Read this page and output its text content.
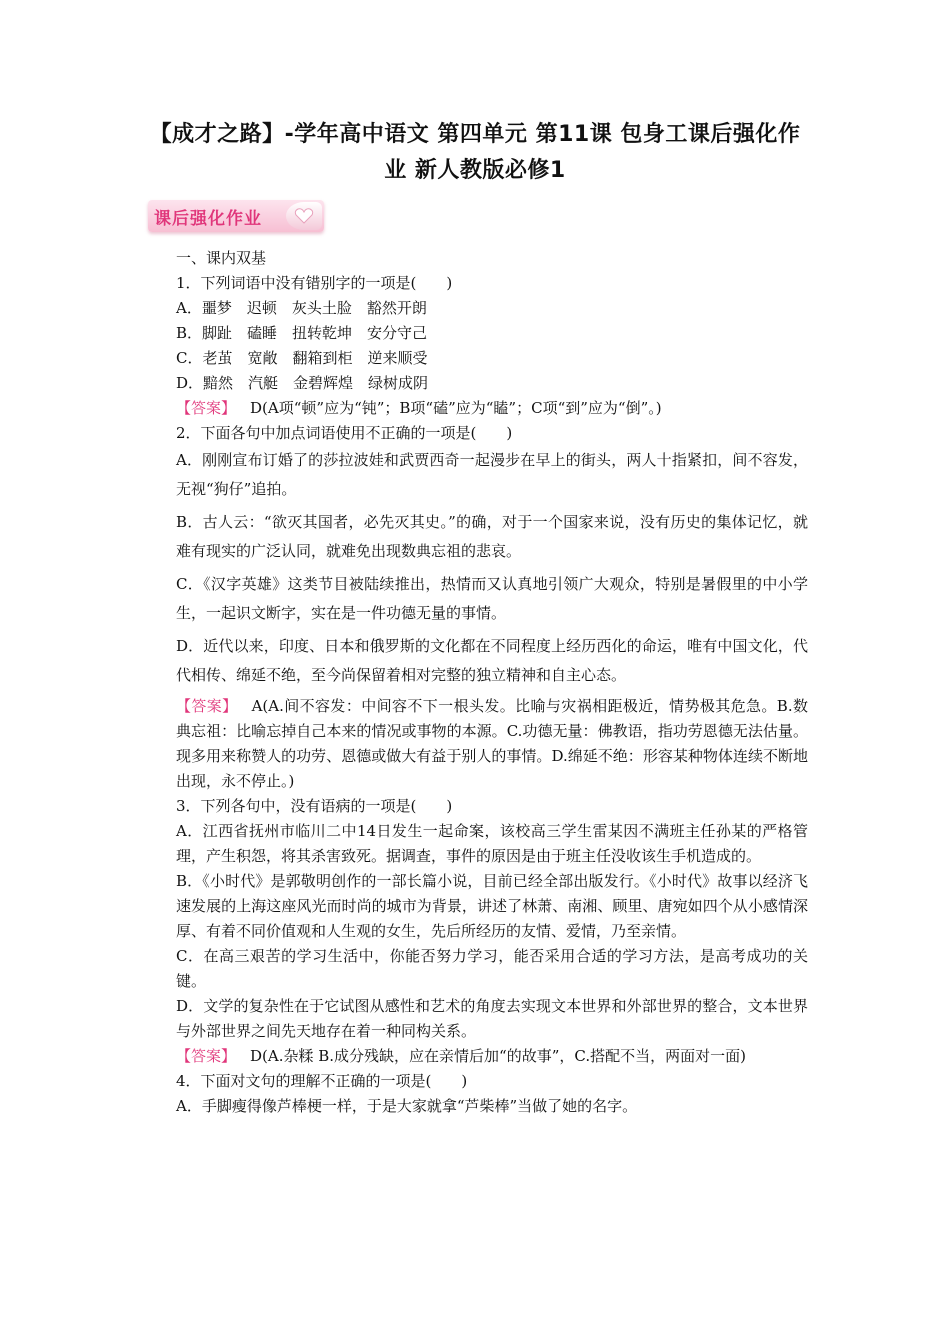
【成才之路】-学年高中语文 第四单元 第11课 包身工课后强化作业 新人教版必修1
课后强化作业

一、课内双基

1．下列词语中没有错别字的一项是(　　)

A．噩梦　迟顿　灰头土脸　豁然开朗

B．脚趾　磕睡　扭转乾坤　安分守己

C．老茧　宽敞　翻箱到柜　逆来顺受

D．黯然　汽艇　金碧辉煌　绿树成阴

【答案】 D(A项“顿”应为“钝”；B项“磕”应为“瞌”；C项“到”应为“倒”。)

2．下面各句中加点词语使用不正确的一项是(　　)

A．刚刚宣布订婚了的莎拉波娃和武贾西奇一起漫步在早上的街头，两人十指紧扣，间不容发，无视“狗仔”追拍。

B．古人云：“欲灭其国者，必先灭其史。”的确，对于一个国家来说，没有历史的集体记忆，就难有现实的广泛认同，就难免出现数典忘祖的悲哀。

C．《汉字英雄》这类节目被陆续推出，热情而又认真地引领广大观众，特别是暑假里的中小学生，一起识文断字，实在是一件功德无量的事情。

D．近代以来，印度、日本和俄罗斯的文化都在不同程度上经历西化的命运，唯有中国文化，代代相传、绵延不绝，至今尚保留着相对完整的独立精神和自主心态。

【答案】 A(A.间不容发：中间容不下一根头发。比喻与灾祸相距极近，情势极其危急。B.数典忘祖：比喻忘掉自己本来的情况或事物的本源。C.功德无量：佛教语，指功劳恩德无法估量。现多用来称赞人的功劳、恩德或做大有益于别人的事情。D.绵延不绝：形容某种物体连续不断地出现，永不停止。)

3．下列各句中，没有语病的一项是(　　)

A．江西省抚州市临川二中14日发生一起命案，该校高三学生雷某因不满班主任孙某的严格管理，产生积怨，将其杀害致死。据调查，事件的原因是由于班主任没收该生手机造成的。

B．《小时代》是郭敬明创作的一部长篇小说，目前已经全部出版发行。《小时代》故事以经济飞速发展的上海这座风光而时尚的城市为背景，讲述了林萧、南湘、顾里、唐宛如四个从小感情深厚、有着不同价值观和人生观的女生，先后所经历的友情、爱情，乃至亲情。

C．在高三艰苦的学习生活中，你能否努力学习，能否采用合适的学习方法，是高考成功的关键。

D．文学的复杂性在于它试图从感性和艺术的角度去实现文本世界和外部世界的整合，文本世界与外部世界之间先天地存在着一种同构关系。

【答案】 D(A.杂糅 B.成分残缺，应在亲情后加“的故事”，C.搭配不当，两面对一面)

4．下面对文句的理解不正确的一项是(　　)

A．手脚瘦得像芦棒梗一样，于是大家就拿“芦柴棒”当做了她的名字。
